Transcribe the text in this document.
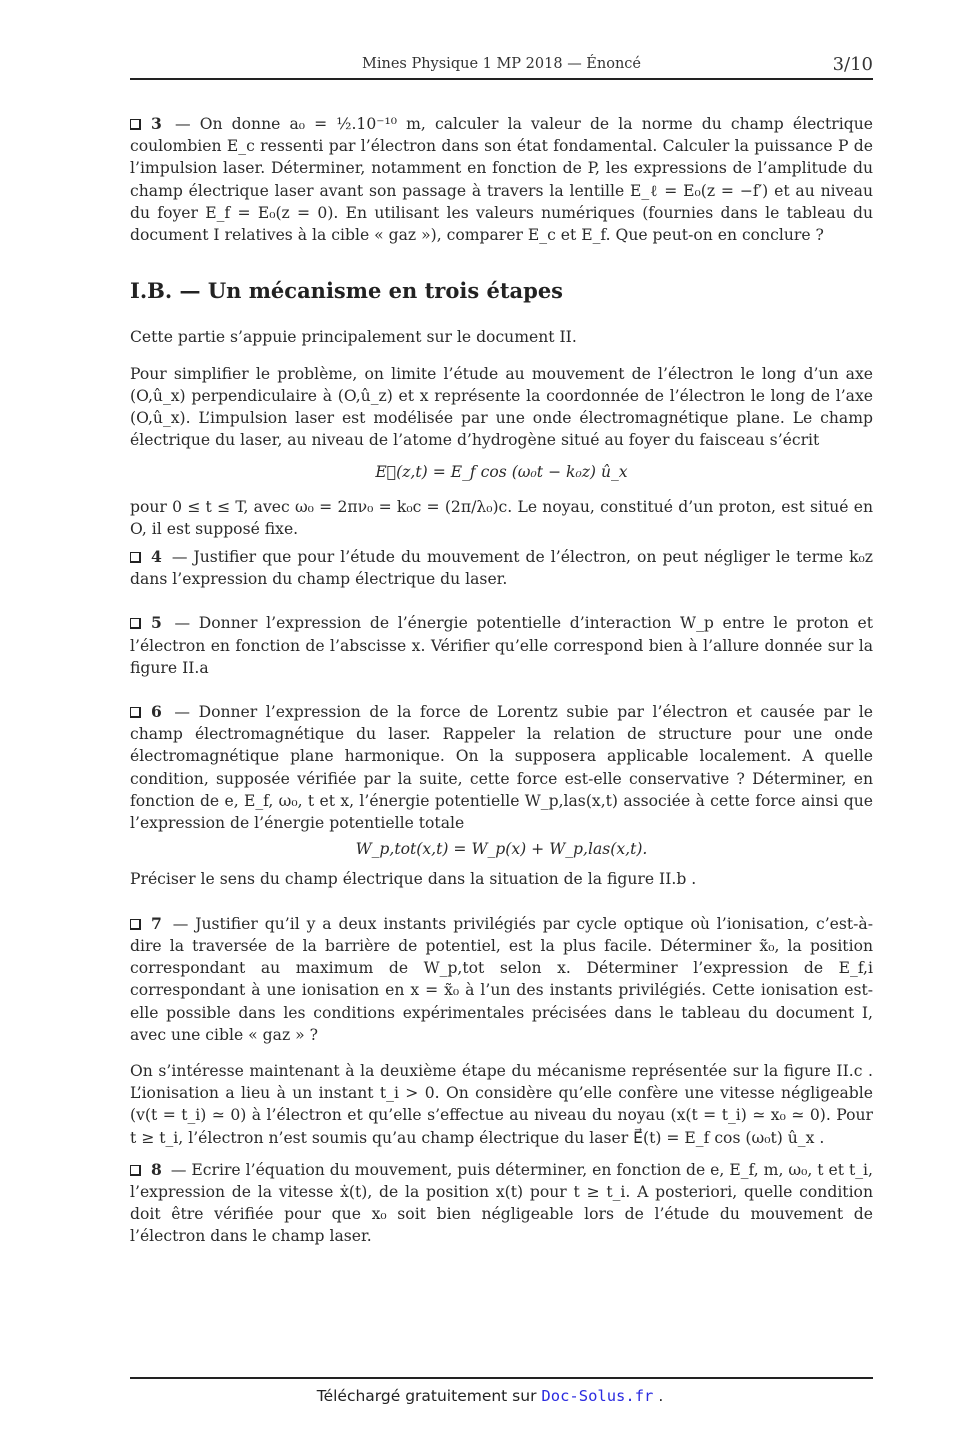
Mines Physique 1 MP 2018 — Énoncé	3/10

3 — On donne a₀ = ½.10⁻¹⁰ m, calculer la valeur de la norme du champ électrique coulombien E_c ressenti par l’électron dans son état fondamental. Calculer la puissance P de l’impulsion laser. Déterminer, notamment en fonction de P, les expressions de l’amplitude du champ électrique laser avant son passage à travers la lentille E_ℓ = E₀(z = −f′) et au niveau du foyer E_f = E₀(z = 0). En utilisant les valeurs numériques (fournies dans le tableau du document I relatives à la cible « gaz »), comparer E_c et E_f. Que peut-on en conclure ?

I.B. — Un mécanisme en trois étapes

Cette partie s’appuie principalement sur le document II.

Pour simplifier le problème, on limite l’étude au mouvement de l’électron le long d’un axe (O,û_x) perpendiculaire à (O,û_z) et x représente la coordonnée de l’électron le long de l’axe (O,û_x). L’impulsion laser est modélisée par une onde électromagnétique plane. Le champ électrique du laser, au niveau de l’atome d’hydrogène situé au foyer du faisceau s’écrit

E⃗(z,t) = E_f cos (ω₀t − k₀z) û_x

pour 0 ≤ t ≤ T, avec ω₀ = 2πν₀ = k₀c = (2π/λ₀)c. Le noyau, constitué d’un proton, est situé en O, il est supposé fixe.

4 — Justifier que pour l’étude du mouvement de l’électron, on peut négliger le terme k₀z dans l’expression du champ électrique du laser.

5 — Donner l’expression de l’énergie potentielle d’interaction W_p entre le proton et l’électron en fonction de l’abscisse x. Vérifier qu’elle correspond bien à l’allure donnée sur la figure II.a

6 — Donner l’expression de la force de Lorentz subie par l’électron et causée par le champ électromagnétique du laser. Rappeler la relation de structure pour une onde électromagnétique plane harmonique. On la supposera applicable localement. A quelle condition, supposée vérifiée par la suite, cette force est-elle conservative ? Déterminer, en fonction de e, E_f, ω₀, t et x, l’énergie potentielle W_p,las(x,t) associée à cette force ainsi que l’expression de l’énergie potentielle totale

W_p,tot(x,t) = W_p(x) + W_p,las(x,t).

Préciser le sens du champ électrique dans la situation de la figure II.b .

7 — Justifier qu’il y a deux instants privilégiés par cycle optique où l’ionisation, c’est-à-dire la traversée de la barrière de potentiel, est la plus facile. Déterminer x̃₀, la position correspondant au maximum de W_p,tot selon x. Déterminer l’expression de E_f,i correspondant à une ionisation en x = x̃₀ à l’un des instants privilégiés. Cette ionisation est-elle possible dans les conditions expérimentales précisées dans le tableau du document I, avec une cible « gaz » ?

On s’intéresse maintenant à la deuxième étape du mécanisme représentée sur la figure II.c . L’ionisation a lieu à un instant t_i > 0. On considère qu’elle confère une vitesse négligeable (v(t = t_i) ≃ 0) à l’électron et qu’elle s’effectue au niveau du noyau (x(t = t_i) ≃ x₀ ≃ 0). Pour t ≥ t_i, l’électron n’est soumis qu’au champ électrique du laser E⃗(t) = E_f cos (ω₀t) û_x .

8 — Ecrire l’équation du mouvement, puis déterminer, en fonction de e, E_f, m, ω₀, t et t_i, l’expression de la vitesse ẋ(t), de la position x(t) pour t ≥ t_i. A posteriori, quelle condition doit être vérifiée pour que x₀ soit bien négligeable lors de l’étude du mouvement de l’électron dans le champ laser.

Téléchargé gratuitement sur Doc-Solus.fr .
